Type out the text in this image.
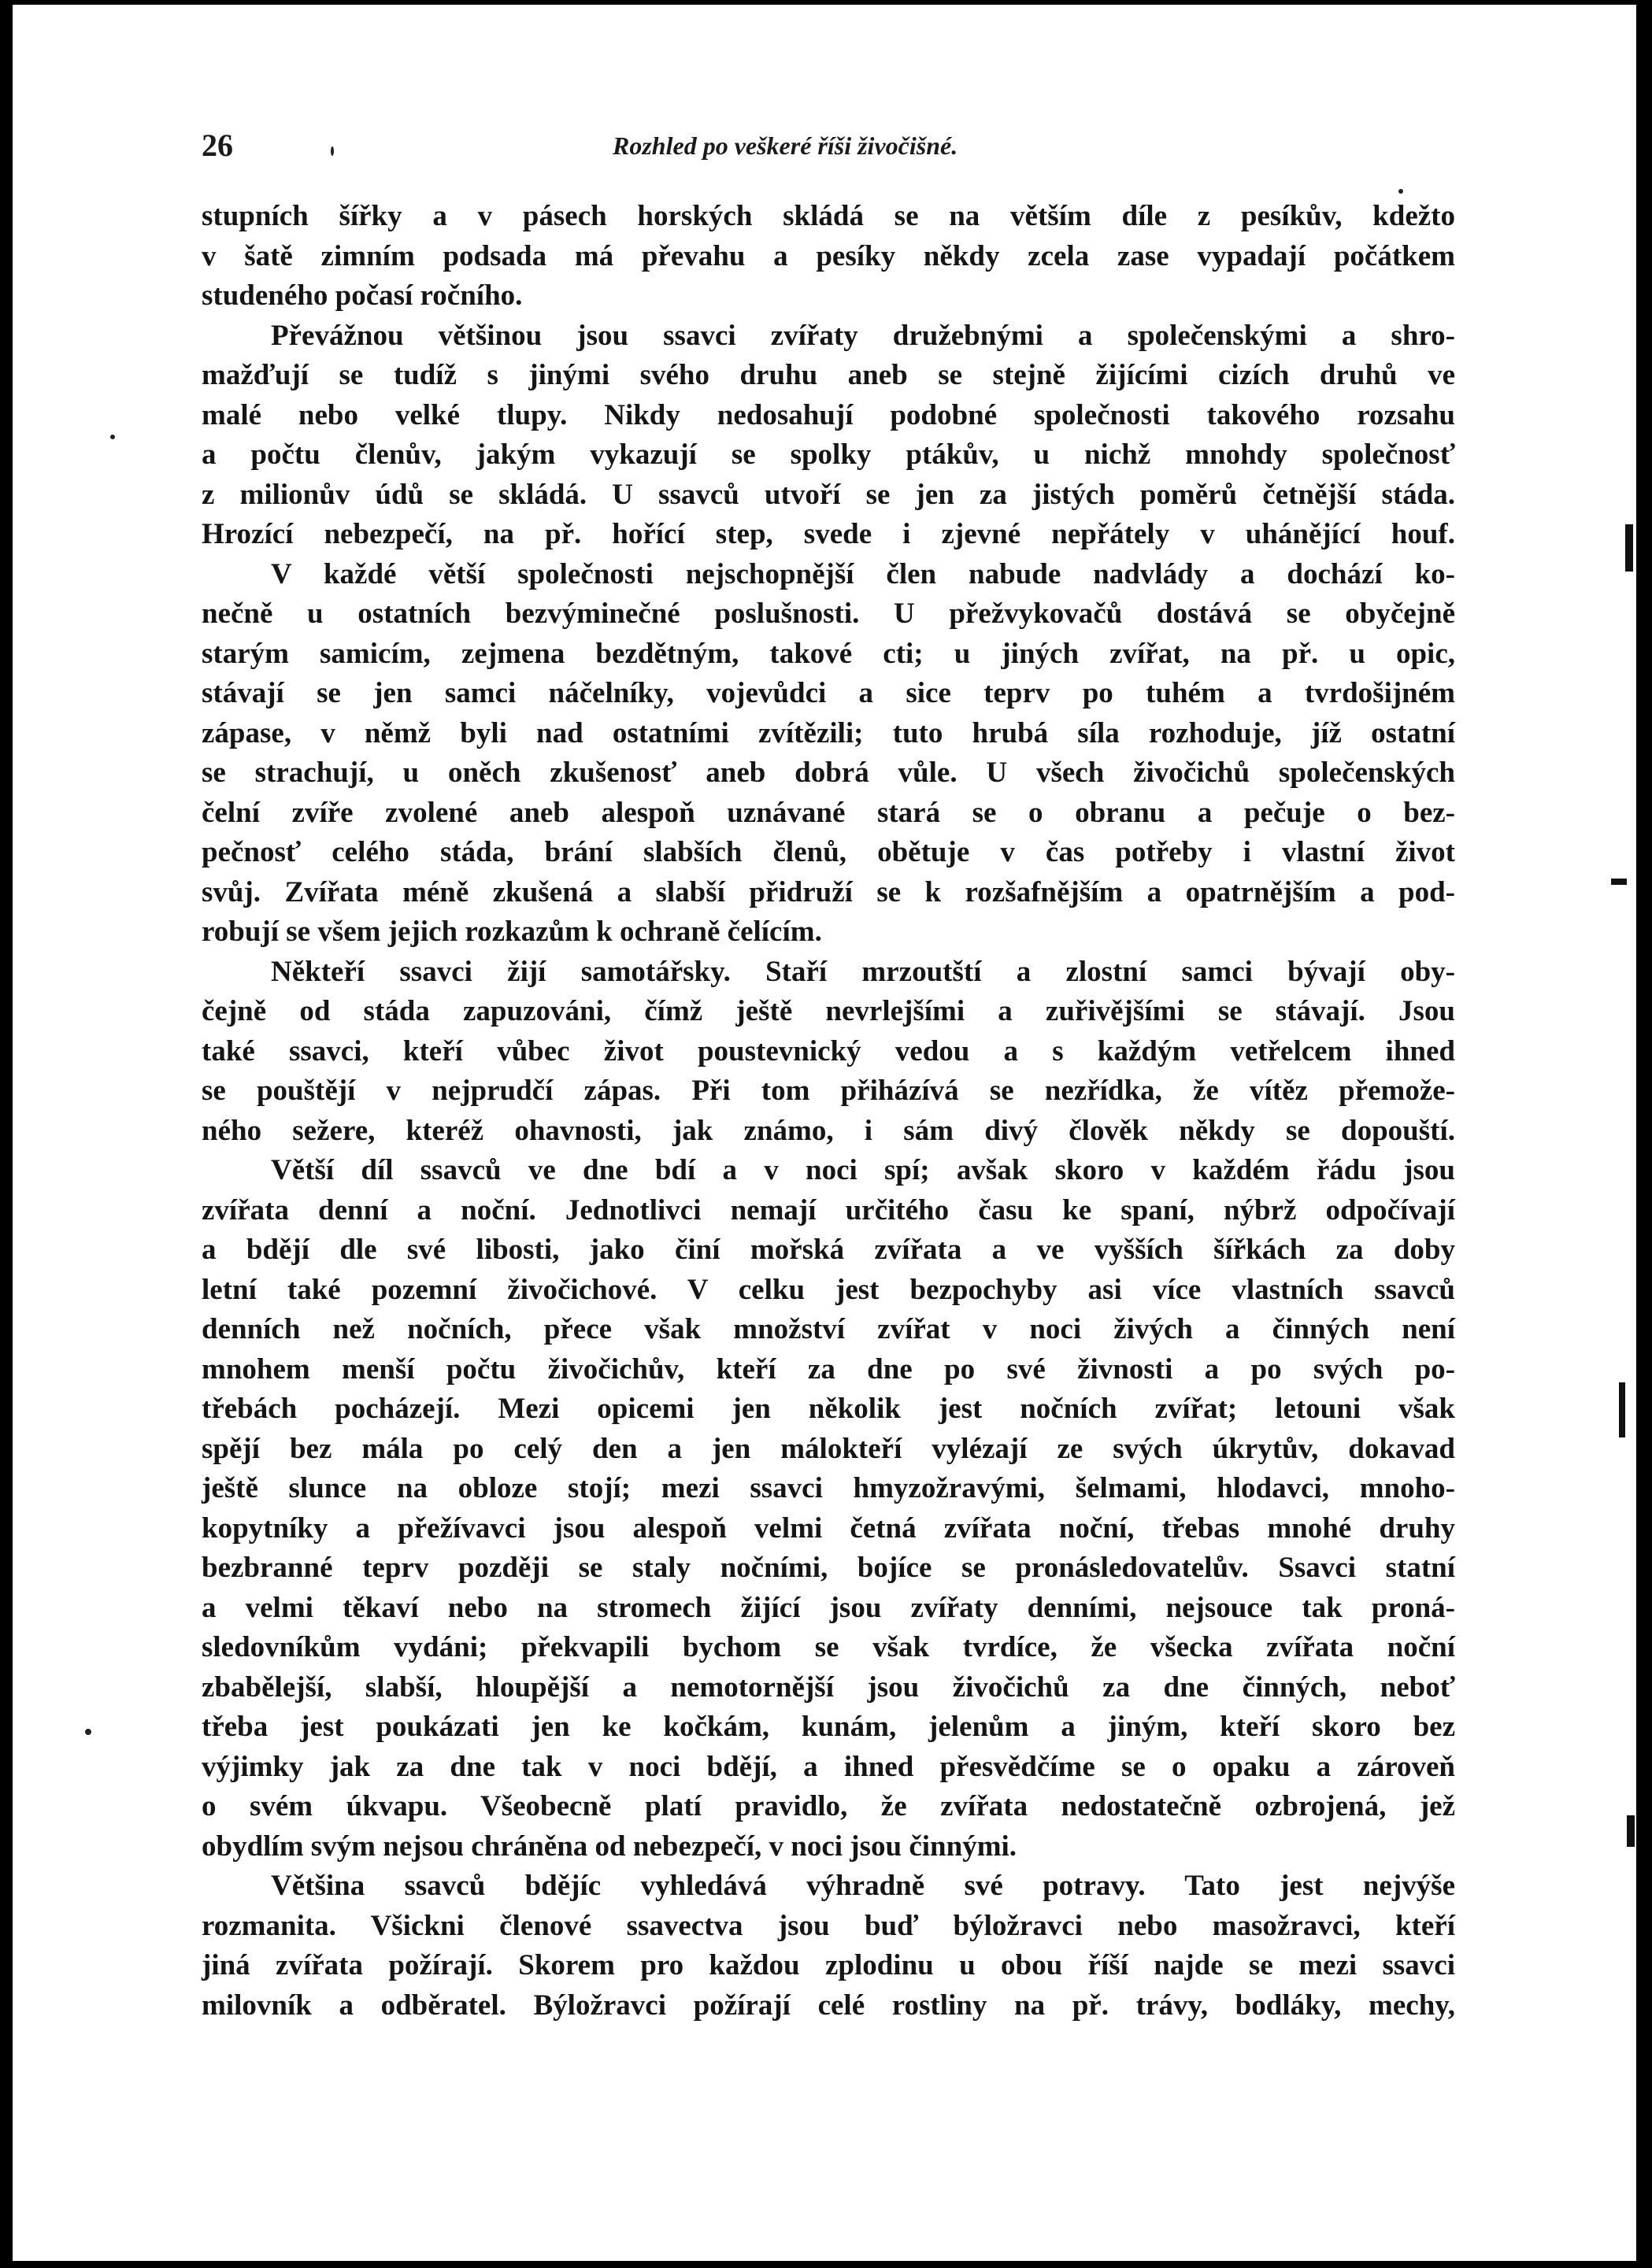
26	Rozhled po veškeré říši živočišné.
stupních šířky a v pásech horských skládá se na větším díle z pesíkův, kdežto
v šatě zimním podsada má převahu a pesíky někdy zcela zase vypadají počátkem
studeného počasí ročního.
Převážnou většinou jsou ssavci zvířaty družebnými a společenskými a shro-
mažďují se tudíž s jinými svého druhu aneb se stejně žijícími cizích druhů ve
malé nebo velké tlupy. Nikdy nedosahují podobné společnosti takového rozsahu
a počtu členův, jakým vykazují se spolky ptákův, u nichž mnohdy společnosť
z milionův údů se skládá. U ssavců utvoří se jen za jistých poměrů četnější stáda.
Hrozící nebezpečí, na př. hořící step, svede i zjevné nepřátely v uhánějící houf.
V každé větší společnosti nejschopnější člen nabude nadvlády a dochází ko-
nečně u ostatních bezvýminečné poslušnosti. U přežvykovačů dostává se obyčejně
starým samicím, zejmena bezdětným, takové cti; u jiných zvířat, na př. u opic,
stávají se jen samci náčelníky, vojevůdci a sice teprv po tuhém a tvrdošijném
zápase, v němž byli nad ostatními zvítězili; tuto hrubá síla rozhoduje, jíž ostatní
se strachují, u oněch zkušenosť aneb dobrá vůle. U všech živočichů společenských
čelní zvíře zvolené aneb alespoň uznávané stará se o obranu a pečuje o bez-
pečnosť celého stáda, brání slabších členů, obětuje v čas potřeby i vlastní život
svůj. Zvířata méně zkušená a slabší přidruží se k rozšafnějším a opatrnějším a pod-
robují se všem jejich rozkazům k ochraně čelícím.
Někteří ssavci žijí samotářsky. Staří mrzoutští a zlostní samci bývají oby-
čejně od stáda zapuzováni, čímž ještě nevrlejšími a zuřivějšími se stávají. Jsou
také ssavci, kteří vůbec život poustevnický vedou a s každým vetřelcem ihned
se pouštějí v nejprudčí zápas. Při tom přiházívá se nezřídka, že vítěz přemože-
ného sežere, kteréž ohavnosti, jak známo, i sám divý člověk někdy se dopouští.
Větší díl ssavců ve dne bdí a v noci spí; avšak skoro v každém řádu jsou
zvířata denní a noční. Jednotlivci nemají určitého času ke spaní, nýbrž odpočívají
a bdějí dle své libosti, jako činí mořská zvířata a ve vyšších šířkách za doby
letní také pozemní živočichové. V celku jest bezpochyby asi více vlastních ssavců
denních než nočních, přece však množství zvířat v noci živých a činných není
mnohem menší počtu živočichův, kteří za dne po své živnosti a po svých po-
třebách pocházejí. Mezi opicemi jen několik jest nočních zvířat; letouni však
spějí bez mála po celý den a jen málokteří vylézají ze svých úkrytův, dokavad
ještě slunce na obloze stojí; mezi ssavci hmyzožravými, šelmami, hlodavci, mnoho-
kopytníky a přežívavci jsou alespoň velmi četná zvířata noční, třebas mnohé druhy
bezbranné teprv později se staly nočními, bojíce se pronásledovatelův. Ssavci statní
a velmi těkaví nebo na stromech žijící jsou zvířaty denními, nejsouce tak proná-
sledovníkům vydáni; překvapili bychom se však tvrdíce, že všecka zvířata noční
zbabělejší, slabší, hloupější a nemotornější jsou živočichů za dne činných, neboť
třeba jest poukázati jen ke kočkám, kunám, jelenům a jiným, kteří skoro bez
výjimky jak za dne tak v noci bdějí, a ihned přesvědčíme se o opaku a zároveň
o svém úkvapu. Všeobecně platí pravidlo, že zvířata nedostatečně ozbrojená, jež
obydlím svým nejsou chráněna od nebezpečí, v noci jsou činnými.
Většina ssavců bdějíc vyhledává výhradně své potravy. Tato jest nejvýše
rozmanita. Všickni členové ssavectva jsou buď býložravci nebo masožravci, kteří
jiná zvířata požírají. Skorem pro každou zplodinu u obou říší najde se mezi ssavci
milovník a odběratel. Býložravci požírají celé rostliny na př. trávy, bodláky, mechy,
